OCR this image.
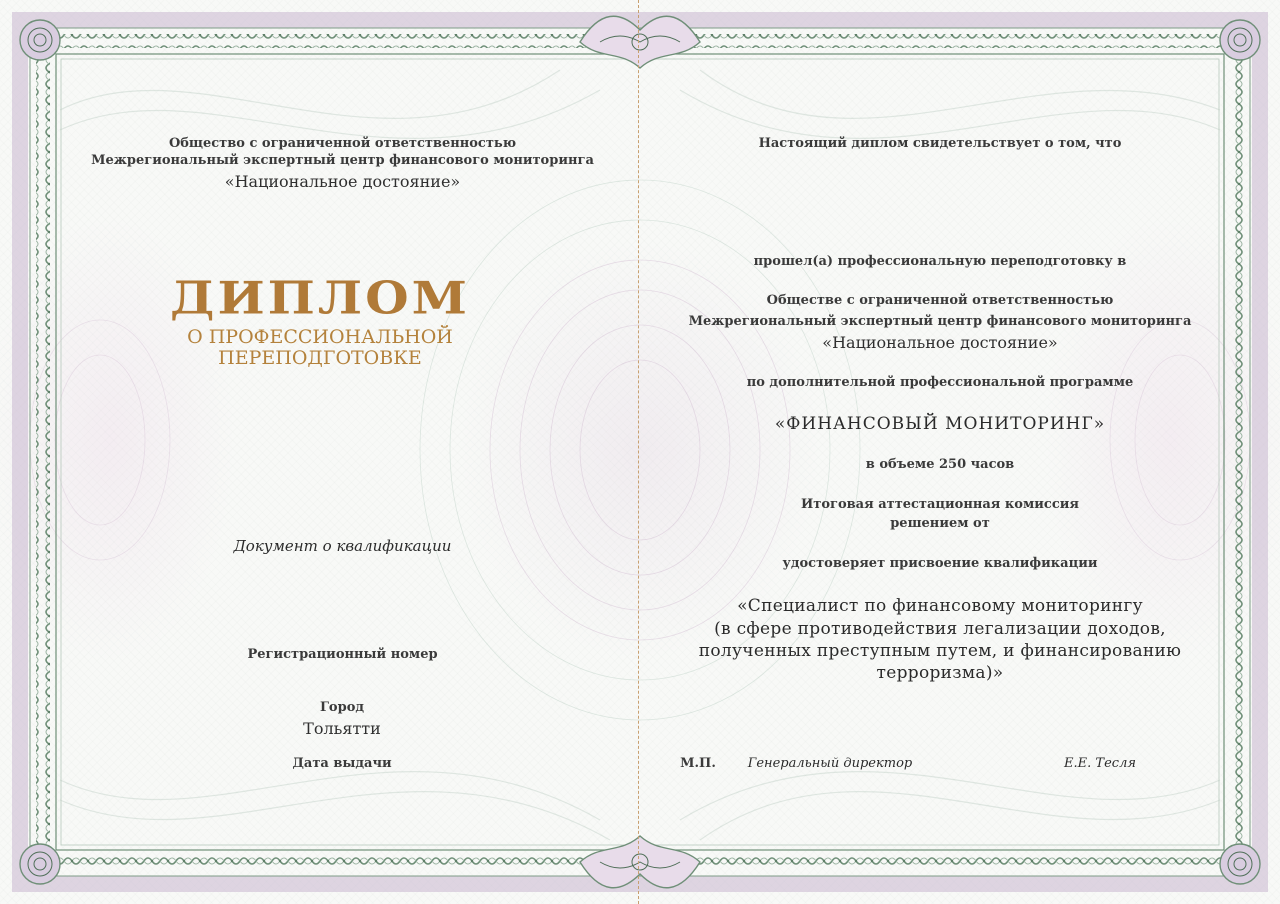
Общество с ограниченной ответственностью
Межрегиональный экспертный центр финансового мониторинга
«Национальное достояние»
ДИПЛОМ
О ПРОФЕССИОНАЛЬНОЙ
ПЕРЕПОДГОТОВКЕ
Документ о квалификации
Регистрационный номер
Город
Тольятти
Дата выдачи
Настоящий диплом свидетельствует о том, что
прошел(а) профессиональную переподготовку в
Обществе с ограниченной ответственностью
Межрегиональный экспертный центр финансового мониторинга
«Национальное достояние»
по дополнительной профессиональной программе
«ФИНАНСОВЫЙ МОНИТОРИНГ»
в объеме 250 часов
Итоговая аттестационная комиссия
решением от
удостоверяет присвоение квалификации
«Специалист по финансовому мониторингу
(в сфере противодействия легализации доходов,
полученных преступным путем, и финансированию
терроризма)»
М.П.	Генеральный директор	Е.Е. Тесля
